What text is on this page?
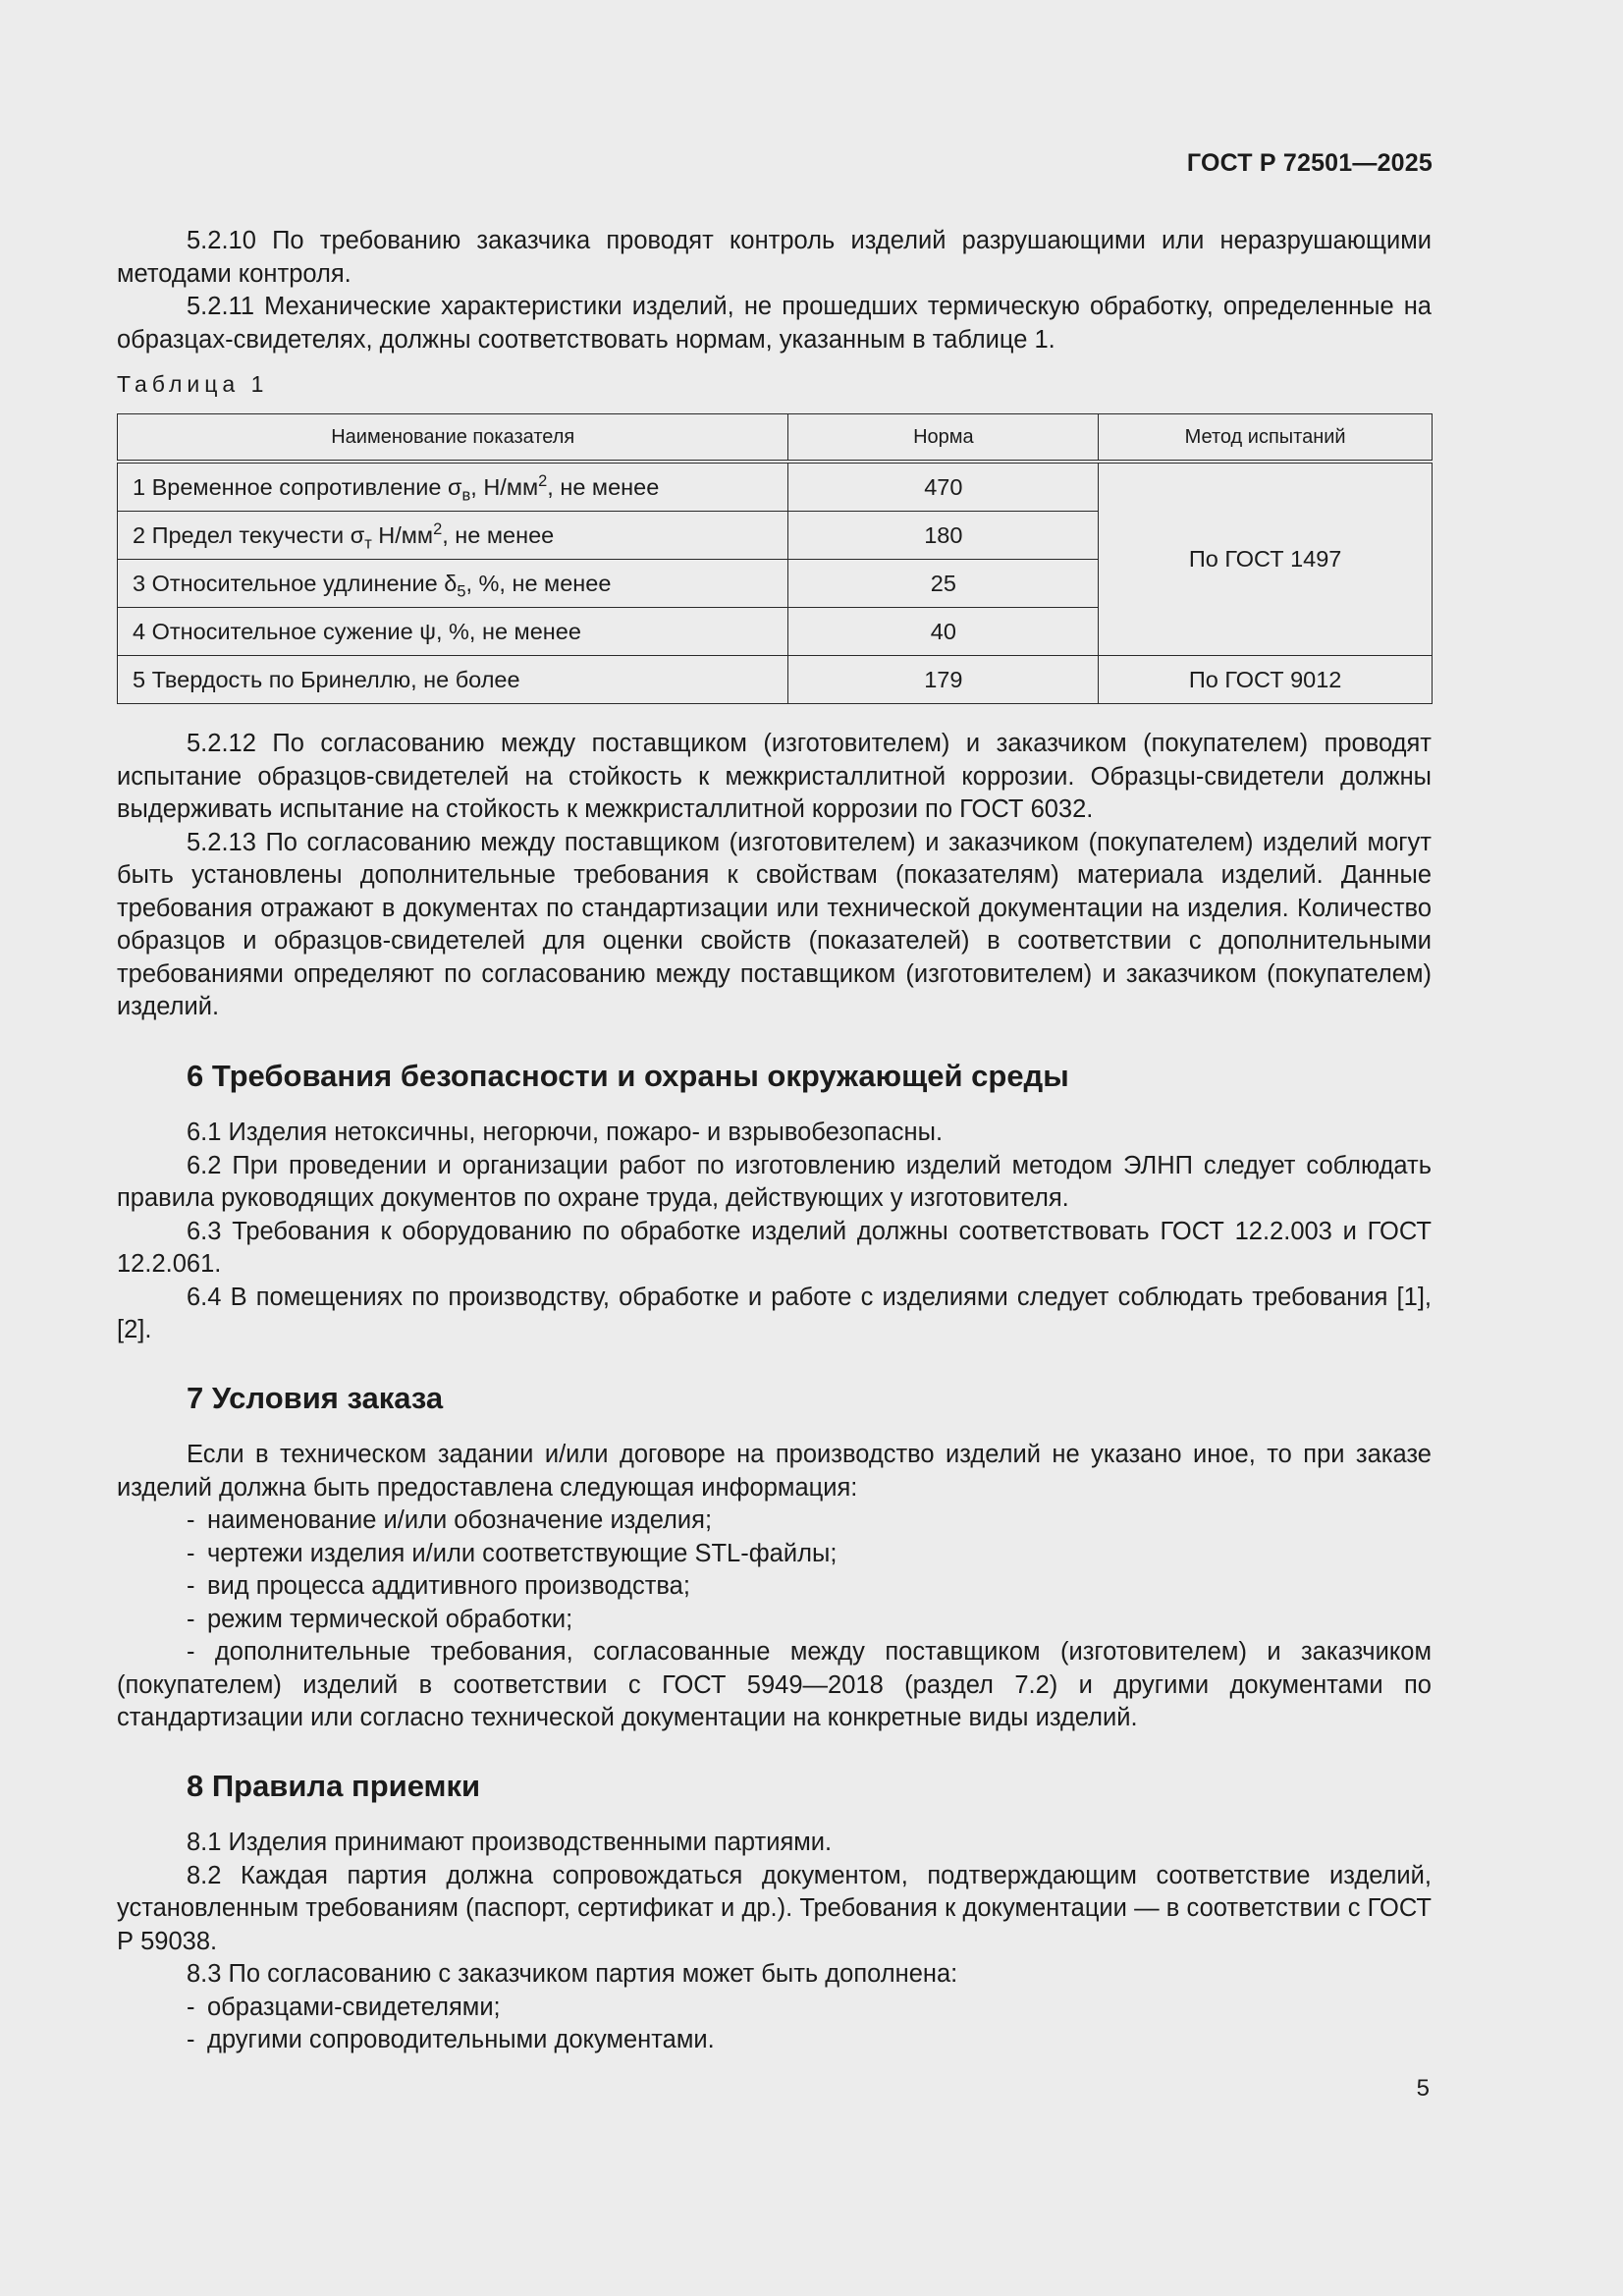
ГОСТ Р 72501—2025

5.2.10 По требованию заказчика проводят контроль изделий разрушающими или неразрушающими методами контроля.

5.2.11 Механические характеристики изделий, не прошедших термическую обработку, определенные на образцах-свидетелях, должны соответствовать нормам, указанным в таблице 1.

Таблица 1
Наименование показателя	Норма	Метод испытаний
1 Временное сопротивление $\sigma_в$, $Н/мм^2$, не менее	470	По ГОСТ 1497
2 Предел текучести $\sigma_т$ $Н/мм^2$, не менее	180	
3 Относительное удлинение $\delta_5$, %, не менее	25	
4 Относительное сужение ψ, %, не менее	40	
5 Твердость по Бринеллю, не более	179	По ГОСТ 9012

5.2.12 По согласованию между поставщиком (изготовителем) и заказчиком (покупателем) проводят испытание образцов-свидетелей на стойкость к межкристаллитной коррозии. Образцы-свидетели должны выдерживать испытание на стойкость к межкристаллитной коррозии по ГОСТ 6032.

5.2.13 По согласованию между поставщиком (изготовителем) и заказчиком (покупателем) изделий могут быть установлены дополнительные требования к свойствам (показателям) материала изделий. Данные требования отражают в документах по стандартизации или технической документации на изделия. Количество образцов и образцов-свидетелей для оценки свойств (показателей) в соответствии с дополнительными требованиями определяют по согласованию между поставщиком (изготовителем) и заказчиком (покупателем) изделий.

6 Требования безопасности и охраны окружающей среды

6.1 Изделия нетоксичны, негорючи, пожаро- и взрывобезопасны.

6.2 При проведении и организации работ по изготовлению изделий методом ЭЛНП следует соблюдать правила руководящих документов по охране труда, действующих у изготовителя.

6.3 Требования к оборудованию по обработке изделий должны соответствовать ГОСТ 12.2.003 и ГОСТ 12.2.061.

6.4 В помещениях по производству, обработке и работе с изделиями следует соблюдать требования [1], [2].

7 Условия заказа

Если в техническом задании и/или договоре на производство изделий не указано иное, то при заказе изделий должна быть предоставлена следующая информация:

- наименование и/или обозначение изделия;

- чертежи изделия и/или соответствующие STL-файлы;

- вид процесса аддитивного производства;

- режим термической обработки;

- дополнительные требования, согласованные между поставщиком (изготовителем) и заказчиком (покупателем) изделий в соответствии с ГОСТ 5949—2018 (раздел 7.2) и другими документами по стандартизации или согласно технической документации на конкретные виды изделий.

8 Правила приемки

8.1 Изделия принимают производственными партиями.

8.2 Каждая партия должна сопровождаться документом, подтверждающим соответствие изделий, установленным требованиям (паспорт, сертификат и др.). Требования к документации — в соответствии с ГОСТ Р 59038.

8.3 По согласованию с заказчиком партия может быть дополнена:

- образцами-свидетелями;

- другими сопроводительными документами.

5
